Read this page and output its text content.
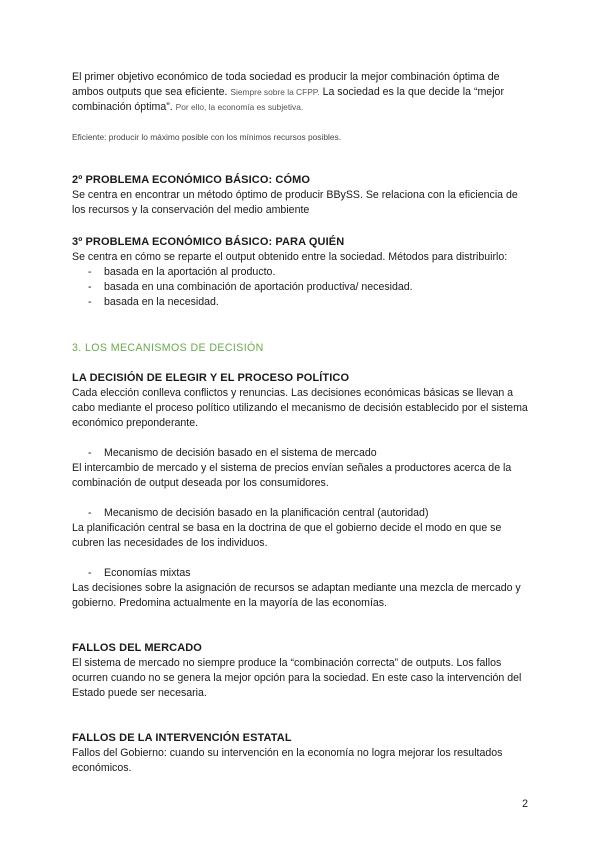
El primer objetivo económico de toda sociedad es producir la mejor combinación óptima de ambos outputs que sea eficiente. Siempre sobre la CFPP. La sociedad es la que decide la “mejor combinación óptima”. Por ello, la economía es subjetiva.

Eficiente: producir lo máximo posible con los mínimos recursos posibles.

2º PROBLEMA ECONÓMICO BÁSICO: CÓMO

Se centra en encontrar un método óptimo de producir BBySS. Se relaciona con la eficiencia de los recursos y la conservación del medio ambiente

3º PROBLEMA ECONÓMICO BÁSICO: PARA QUIÉN

Se centra en cómo se reparte el output obtenido entre la sociedad. Métodos para distribuirlo:

- basada en la aportación al producto.
- basada en una combinación de aportación productiva/ necesidad.
- basada en la necesidad.

3. LOS MECANISMOS DE DECISIÓN

LA DECISIÓN DE ELEGIR Y EL PROCESO POLÍTICO

Cada elección conlleva conflictos y renuncias. Las decisiones económicas básicas se llevan a cabo mediante el proceso político utilizando el mecanismo de decisión establecido por el sistema económico preponderante.

- Mecanismo de decisión basado en el sistema de mercado

El intercambio de mercado y el sistema de precios envían señales a productores acerca de la combinación de output deseada por los consumidores.

- Mecanismo de decisión basado en la planificación central (autoridad)

La planificación central se basa en la doctrina de que el gobierno decide el modo en que se cubren las necesidades de los individuos.

- Economías mixtas

Las decisiones sobre la asignación de recursos se adaptan mediante una mezcla de mercado y gobierno. Predomina actualmente en la mayoría de las economías.

FALLOS DEL MERCADO

El sistema de mercado no siempre produce la “combinación correcta” de outputs. Los fallos ocurren cuando no se genera la mejor opción para la sociedad. En este caso la intervención del Estado puede ser necesaria.

FALLOS DE LA INTERVENCIÓN ESTATAL

Fallos del Gobierno: cuando su intervención en la economía no logra mejorar los resultados económicos.

2
